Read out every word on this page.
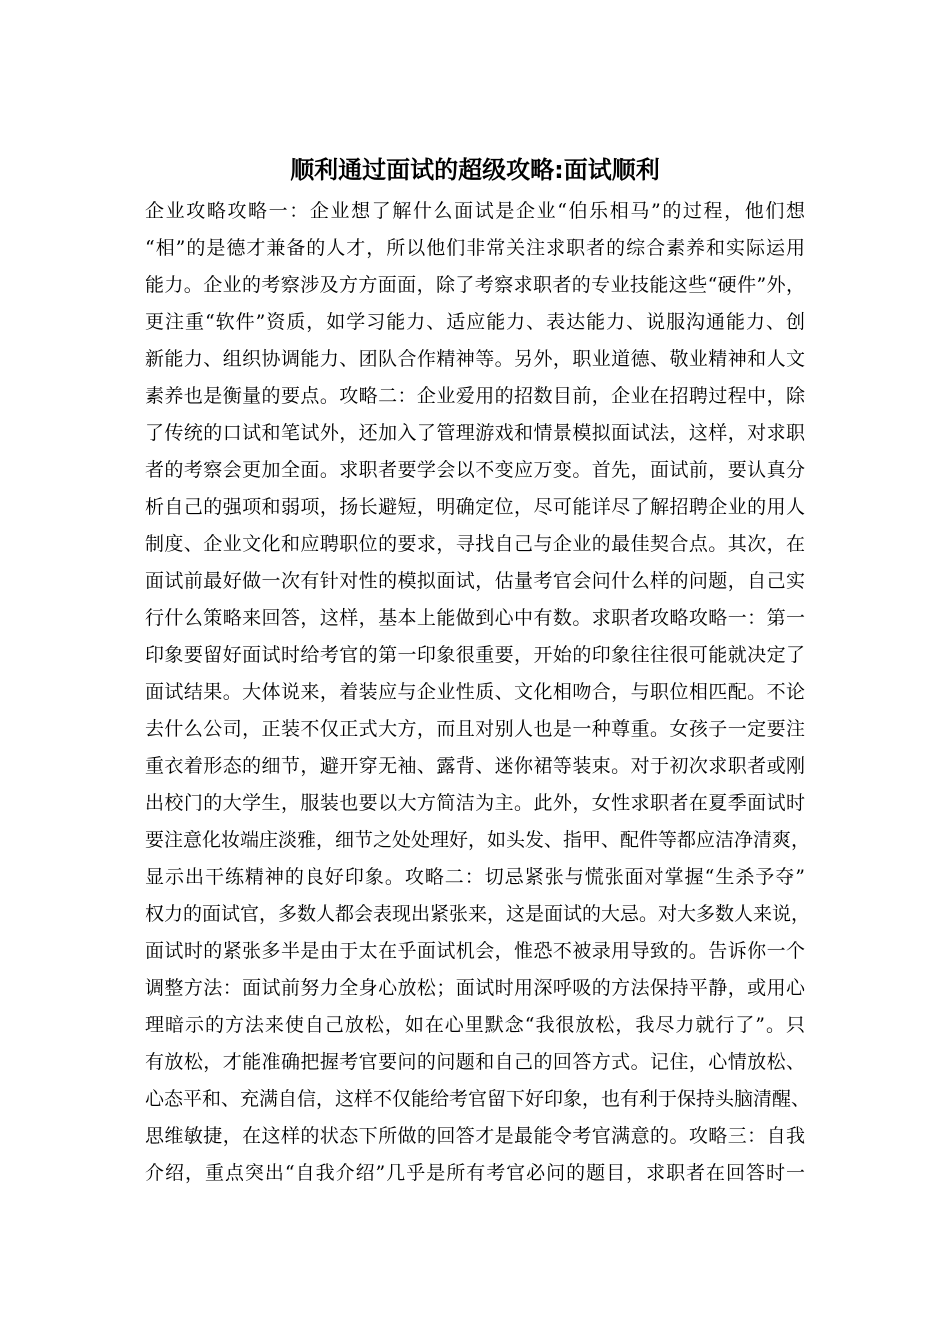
顺利通过面试的超级攻略:面试顺利
企业攻略攻略一：企业想了解什么面试是企业“伯乐相马”的过程，他们想
“相”的是德才兼备的人才，所以他们非常关注求职者的综合素养和实际运用
能力。企业的考察涉及方方面面，除了考察求职者的专业技能这些“硬件”外，
更注重“软件”资质，如学习能力、适应能力、表达能力、说服沟通能力、创
新能力、组织协调能力、团队合作精神等。另外，职业道德、敬业精神和人文
素养也是衡量的要点。攻略二：企业爱用的招数目前，企业在招聘过程中，除
了传统的口试和笔试外，还加入了管理游戏和情景模拟面试法，这样，对求职
者的考察会更加全面。求职者要学会以不变应万变。首先，面试前，要认真分
析自己的强项和弱项，扬长避短，明确定位，尽可能详尽了解招聘企业的用人
制度、企业文化和应聘职位的要求，寻找自己与企业的最佳契合点。其次，在
面试前最好做一次有针对性的模拟面试，估量考官会问什么样的问题，自己实
行什么策略来回答，这样，基本上能做到心中有数。求职者攻略攻略一：第一
印象要留好面试时给考官的第一印象很重要，开始的印象往往很可能就决定了
面试结果。大体说来，着装应与企业性质、文化相吻合，与职位相匹配。不论
去什么公司，正装不仅正式大方，而且对别人也是一种尊重。女孩子一定要注
重衣着形态的细节，避开穿无袖、露背、迷你裙等装束。对于初次求职者或刚
出校门的大学生，服装也要以大方简洁为主。此外，女性求职者在夏季面试时
要注意化妆端庄淡雅，细节之处处理好，如头发、指甲、配件等都应洁净清爽，
显示出干练精神的良好印象。攻略二：切忌紧张与慌张面对掌握“生杀予夺”
权力的面试官，多数人都会表现出紧张来，这是面试的大忌。对大多数人来说，
面试时的紧张多半是由于太在乎面试机会，惟恐不被录用导致的。告诉你一个
调整方法：面试前努力全身心放松；面试时用深呼吸的方法保持平静，或用心
理暗示的方法来使自己放松，如在心里默念“我很放松，我尽力就行了”。只
有放松，才能准确把握考官要问的问题和自己的回答方式。记住，心情放松、
心态平和、充满自信，这样不仅能给考官留下好印象，也有利于保持头脑清醒、
思维敏捷，在这样的状态下所做的回答才是最能令考官满意的。攻略三：自我
介绍，重点突出“自我介绍”几乎是所有考官必问的题目，求职者在回答时一
